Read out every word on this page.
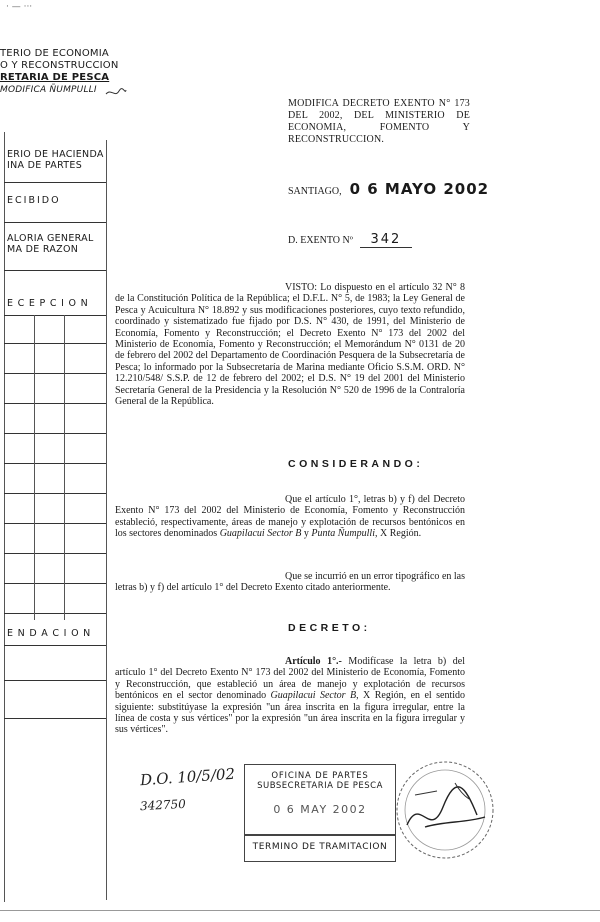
· — ···
TERIO DE ECONOMIA
O Y RECONSTRUCCION
RETARIA DE PESCA
MODIFICA ÑUMPULLI
ERIO DE HACIENDA
INA DE PARTES
ECIBIDO
ALORIA GENERAL
MA DE RAZON
E C E P C I O N
E N D A C I O N
MODIFICA DECRETO EXENTO N° 173 DEL 2002, DEL MINISTERIO DE ECONOMIA, FOMENTO Y RECONSTRUCCION.
SANTIAGO, 0 6 MAYO 2002
D. EXENTO Nº 342
VISTO: Lo dispuesto en el artículo 32 N° 8 de la Constitución Política de la República; el D.F.L. N° 5, de 1983; la Ley General de Pesca y Acuicultura N° 18.892 y sus modificaciones posteriores, cuyo texto refundido, coordinado y sistematizado fue fijado por D.S. N° 430, de 1991, del Ministerio de Economía, Fomento y Reconstrucción; el Decreto Exento N° 173 del 2002 del Ministerio de Economía, Fomento y Reconstrucción; el Memorándum N° 0131 de 20 de febrero del 2002 del Departamento de Coordinación Pesquera de la Subsecretaría de Pesca; lo informado por la Subsecretaría de Marina mediante Oficio S.S.M. ORD. N° 12.210/548/ S.S.P. de 12 de febrero del 2002; el D.S. N° 19 del 2001 del Ministerio Secretaría General de la Presidencia y la Resolución N° 520 de 1996 de la Contraloría General de la República.
CONSIDERANDO:
Que el artículo 1°, letras b) y f) del Decreto Exento N° 173 del 2002 del Ministerio de Economía, Fomento y Reconstrucción estableció, respectivamente, áreas de manejo y explotación de recursos bentónicos en los sectores denominados Guapilacui Sector B y Punta Ñumpulli, X Región.
Que se incurrió en un error tipográfico en las letras b) y f) del artículo 1° del Decreto Exento citado anteriormente.
DECRETO:
Artículo 1°.- Modifícase la letra b) del artículo 1° del Decreto Exento N° 173 del 2002 del Ministerio de Economía, Fomento y Reconstrucción, que estableció un área de manejo y explotación de recursos bentónicos en el sector denominado Guapilacui Sector B, X Región, en el sentido siguiente: substitúyase la expresión "un área inscrita en la figura irregular, entre la línea de costa y sus vértices" por la expresión "un área inscrita en la figura irregular y sus vértices".
D.O. 10/5/02
342750
OFICINA DE PARTES
SUBSECRETARIA DE PESCA
0 6 MAY 2002
TERMINO DE TRAMITACION
